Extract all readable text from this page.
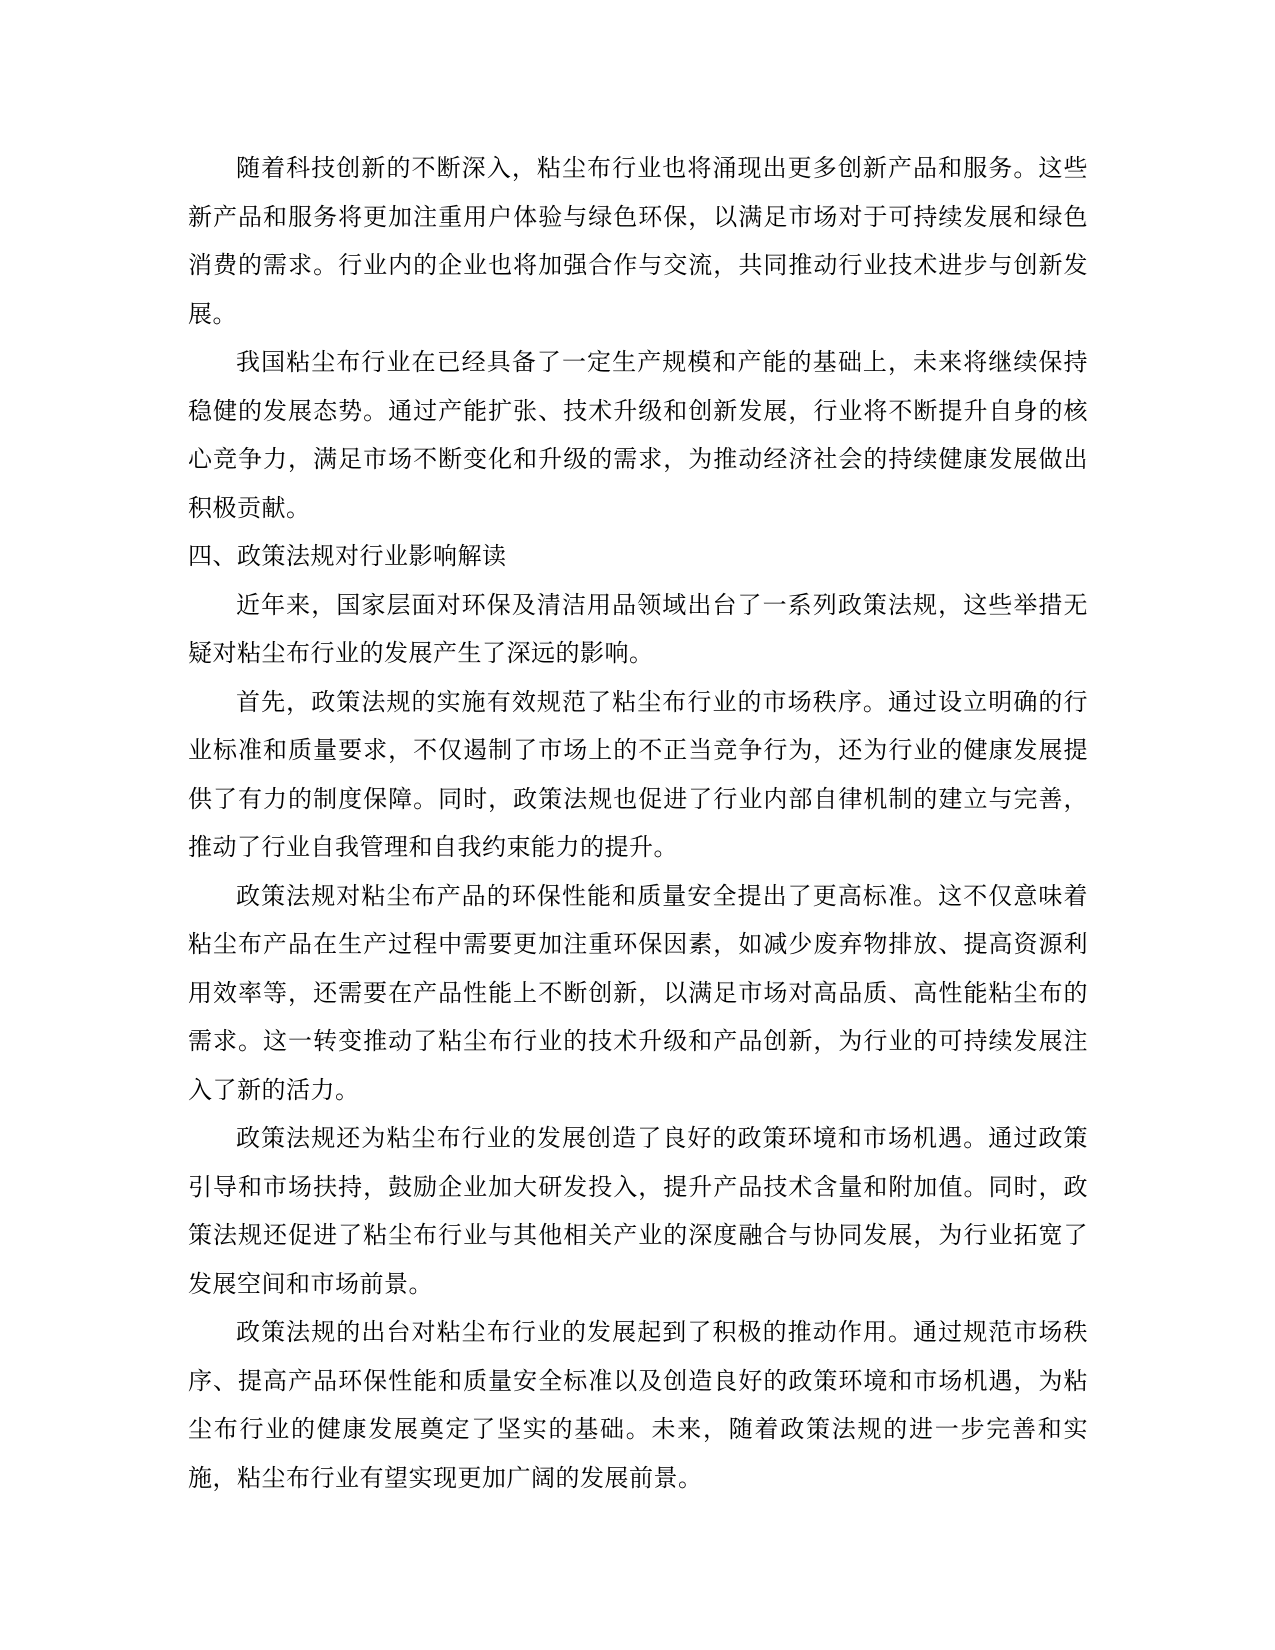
随着科技创新的不断深入，粘尘布行业也将涌现出更多创新产品和服务。这些新产品和服务将更加注重用户体验与绿色环保，以满足市场对于可持续发展和绿色消费的需求。行业内的企业也将加强合作与交流，共同推动行业技术进步与创新发展。

我国粘尘布行业在已经具备了一定生产规模和产能的基础上，未来将继续保持稳健的发展态势。通过产能扩张、技术升级和创新发展，行业将不断提升自身的核心竞争力，满足市场不断变化和升级的需求，为推动经济社会的持续健康发展做出积极贡献。

四、政策法规对行业影响解读

近年来，国家层面对环保及清洁用品领域出台了一系列政策法规，这些举措无疑对粘尘布行业的发展产生了深远的影响。

首先，政策法规的实施有效规范了粘尘布行业的市场秩序。通过设立明确的行业标准和质量要求，不仅遏制了市场上的不正当竞争行为，还为行业的健康发展提供了有力的制度保障。同时，政策法规也促进了行业内部自律机制的建立与完善，推动了行业自我管理和自我约束能力的提升。

政策法规对粘尘布产品的环保性能和质量安全提出了更高标准。这不仅意味着粘尘布产品在生产过程中需要更加注重环保因素，如减少废弃物排放、提高资源利用效率等，还需要在产品性能上不断创新，以满足市场对高品质、高性能粘尘布的需求。这一转变推动了粘尘布行业的技术升级和产品创新，为行业的可持续发展注入了新的活力。

政策法规还为粘尘布行业的发展创造了良好的政策环境和市场机遇。通过政策引导和市场扶持，鼓励企业加大研发投入，提升产品技术含量和附加值。同时，政策法规还促进了粘尘布行业与其他相关产业的深度融合与协同发展，为行业拓宽了发展空间和市场前景。

政策法规的出台对粘尘布行业的发展起到了积极的推动作用。通过规范市场秩序、提高产品环保性能和质量安全标准以及创造良好的政策环境和市场机遇，为粘尘布行业的健康发展奠定了坚实的基础。未来，随着政策法规的进一步完善和实施，粘尘布行业有望实现更加广阔的发展前景。
